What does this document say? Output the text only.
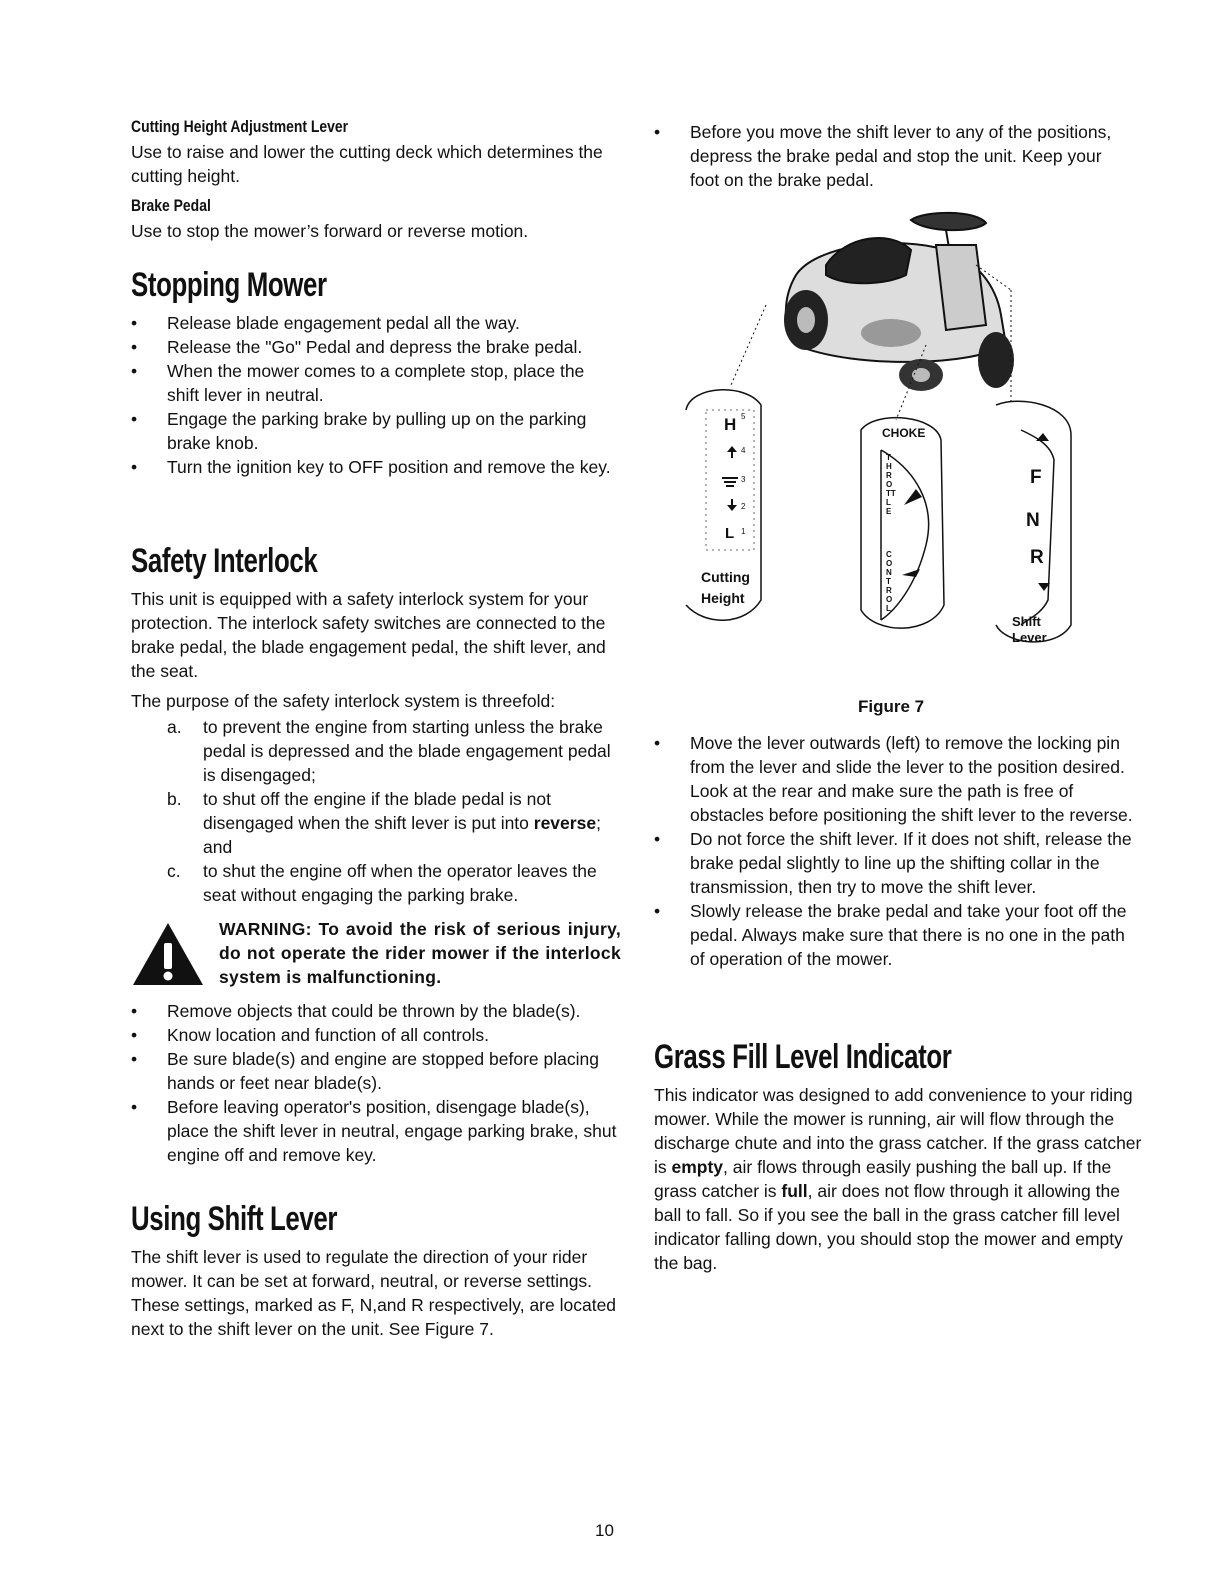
Cutting Height Adjustment Lever

Use to raise and lower the cutting deck which determines the cutting height.

Brake Pedal

Use to stop the mower’s forward or reverse motion.

Stopping Mower
• Release blade engagement pedal all the way.
• Release the "Go" Pedal and depress the brake pedal.
• When the mower comes to a complete stop, place the shift lever in neutral.
• Engage the parking brake by pulling up on the parking brake knob.
• Turn the ignition key to OFF position and remove the key.
Safety Interlock

This unit is equipped with a safety interlock system for your protection. The interlock safety switches are connected to the brake pedal, the blade engagement pedal, the shift lever, and the seat.

The purpose of the safety interlock system is threefold:

a. to prevent the engine from starting unless the brake pedal is depressed and the blade engagement pedal is disengaged;
b. to shut off the engine if the blade pedal is not disengaged when the shift lever is put into reverse; and
c. to shut the engine off when the operator leaves the seat without engaging the parking brake.
WARNING: To avoid the risk of serious injury, do not operate the rider mower if the interlock system is malfunctioning.
• Remove objects that could be thrown by the blade(s).
• Know location and function of all controls.
• Be sure blade(s) and engine are stopped before placing hands or feet near blade(s).
• Before leaving operator's position, disengage blade(s), place the shift lever in neutral, engage parking brake, shut engine off and remove key.
Using Shift Lever

The shift lever is used to regulate the direction of your rider mower. It can be set at forward, neutral, or reverse settings. These settings, marked as F, N,and R respectively, are located next to the shift lever on the unit. See Figure 7.

• Before you move the shift lever to any of the positions, depress the brake pedal and stop the unit. Keep your foot on the brake pedal.
• Move the lever outwards (left) to remove the locking pin from the lever and slide the lever to the position desired. Look at the rear and make sure the path is free of obstacles before positioning the shift lever to the reverse.
• Do not force the shift lever. If it does not shift, release the brake pedal slightly to line up the shifting collar in the transmission, then try to move the shift lever.
• Slowly release the brake pedal and take your foot off the pedal. Always make sure that there is no one in the path of operation of the mower.
Grass Fill Level Indicator

This indicator was designed to add convenience to your riding mower. While the mower is running, air will flow through the discharge chute and into the grass catcher. If the grass catcher is empty, air flows through easily pushing the ball up. If the grass catcher is full, air does not flow through it allowing the ball to fall. So if you see the ball in the grass catcher fill level indicator falling down, you should stop the mower and empty the bag.

H 5
4
3
2
1
L
Cutting
Height
CHOKE
THROTTLE
CONTROL
F
N
R
Shift
Lever
Figure 7
10
